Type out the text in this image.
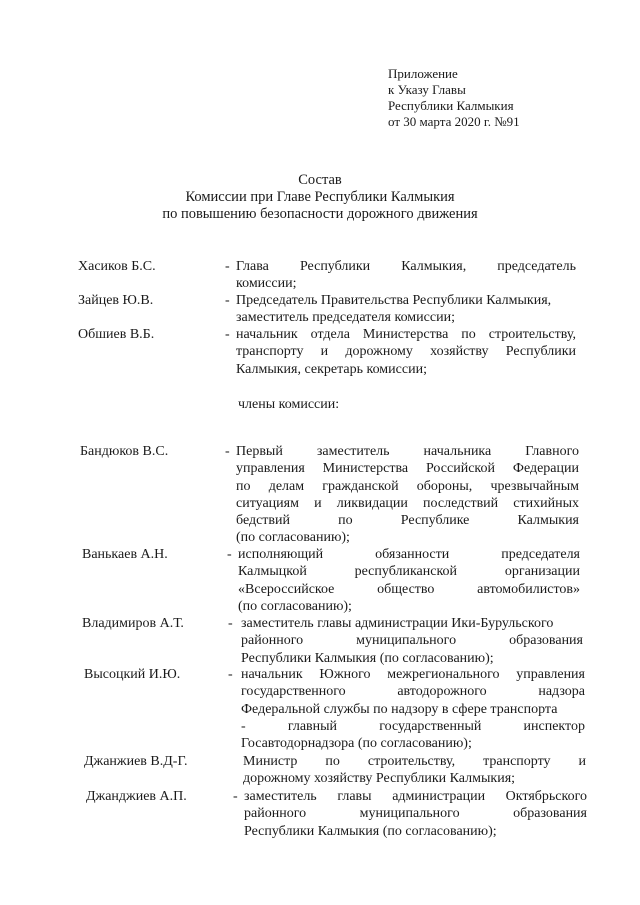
Приложение
к Указу Главы
Республики Калмыкия
от 30 марта 2020 г. №91
Состав
Комиссии при Главе Республики Калмыкия
по повышению безопасности дорожного движения
Хасиков Б.С.	- Глава Республики Калмыкия, председатель
комиссии;
Зайцев Ю.В.	- Председатель Правительства Республики Калмыкия,
заместитель председателя комиссии;
Обшиев В.Б.	- начальник отдела Министерства по строительству,
транспорту и дорожному хозяйству Республики
Калмыкия, секретарь комиссии;
члены комиссии:
Бандюков В.С.	- Первый заместитель начальника Главного
управления Министерства Российской Федерации
по делам гражданской обороны, чрезвычайным
ситуациям и ликвидации последствий стихийных
бедствий по Республике Калмыкия
(по согласованию);
Ванькаев А.Н.	- исполняющий обязанности председателя
Калмыцкой республиканской организации
«Всероссийское общество автомобилистов»
(по согласованию);
Владимиров А.Т.	- заместитель главы администрации Ики-Бурульского
районного муниципального образования
Республики Калмыкия (по согласованию);
Высоцкий И.Ю.	- начальник Южного межрегионального управления
государственного автодорожного надзора
Федеральной службы по надзору в сфере транспорта
- главный государственный инспектор
Госавтодорнадзора (по согласованию);
Джанжиев В.Д-Г.	Министр по строительству, транспорту и
дорожному хозяйству Республики Калмыкия;
Джанджиев А.П.	- заместитель главы администрации Октябрьского
районного муниципального образования
Республики Калмыкия (по согласованию);
